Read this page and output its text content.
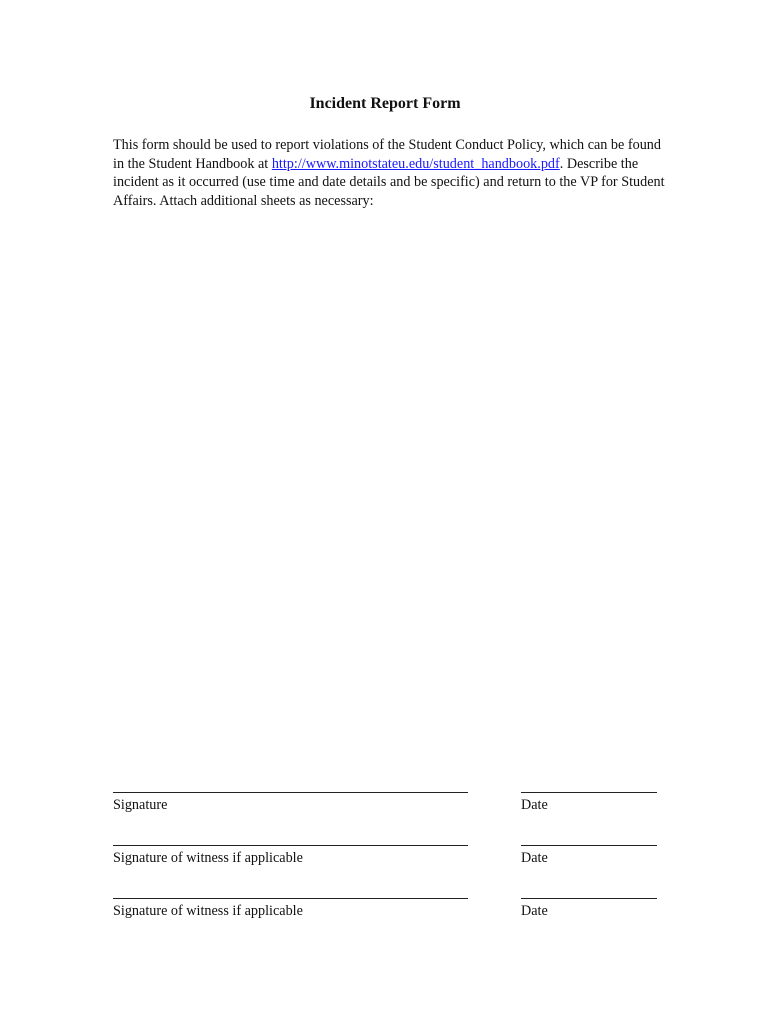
Incident Report Form
This form should be used to report violations of the Student Conduct Policy, which can be found in the Student Handbook at http://www.minotstateu.edu/student_handbook.pdf. Describe the incident as it occurred (use time and date details and be specific) and return to the VP for Student Affairs. Attach additional sheets as necessary:
Signature	Date
Signature of witness if applicable	Date
Signature of witness if applicable	Date
